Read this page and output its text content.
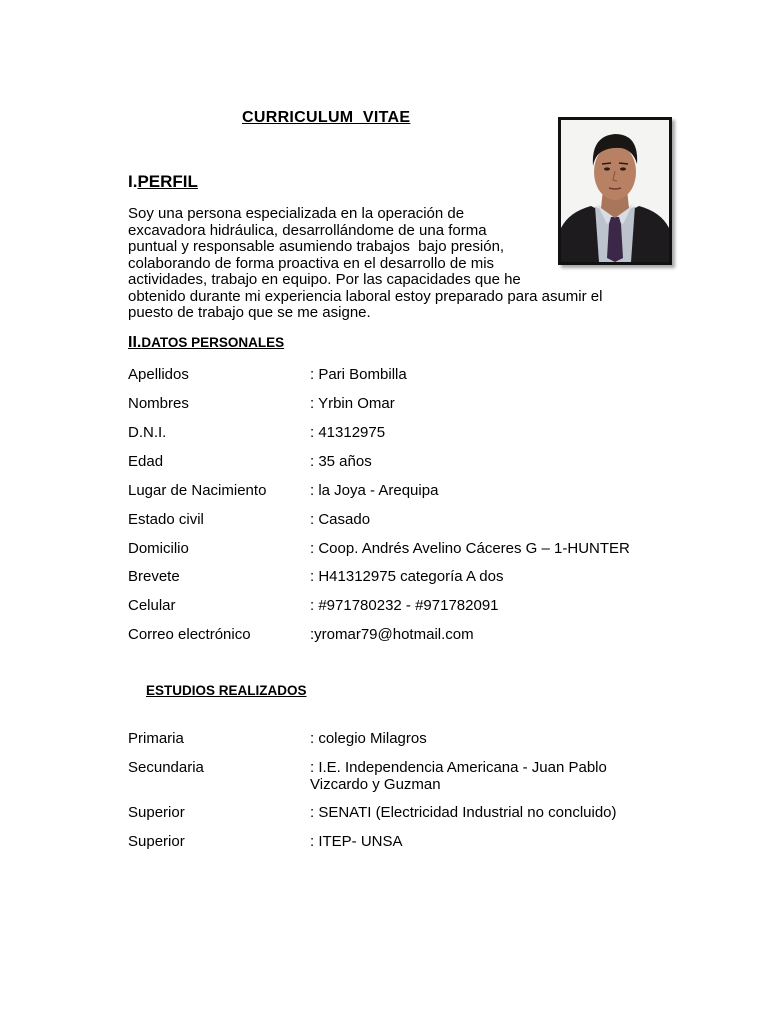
CURRICULUM  VITAE
I.PERFIL
Soy una persona especializada en la operación de
excavadora hidráulica, desarrollándome de una forma
puntual y responsable asumiendo trabajos  bajo presión,
colaborando de forma proactiva en el desarrollo de mis
actividades, trabajo en equipo. Por las capacidades que he
obtenido durante mi experiencia laboral estoy preparado para asumir el
puesto de trabajo que se me asigne.
II.DATOS PERSONALES
Apellidos	: Pari Bombilla
Nombres	: Yrbin Omar
D.N.I.	: 41312975
Edad	: 35 años
Lugar de Nacimiento	: la Joya - Arequipa
Estado civil	: Casado
Domicilio	: Coop. Andrés Avelino Cáceres G – 1-HUNTER
Brevete	: H41312975 categoría A dos
Celular	: #971780232 - #971782091
Correo electrónico	:yromar79@hotmail.com
ESTUDIOS REALIZADOS
Primaria	: colegio Milagros
Secundaria	: I.E. Independencia Americana - Juan Pablo
Vizcardo y Guzman
Superior	: SENATI (Electricidad Industrial no concluido)
Superior	: ITEP- UNSA
